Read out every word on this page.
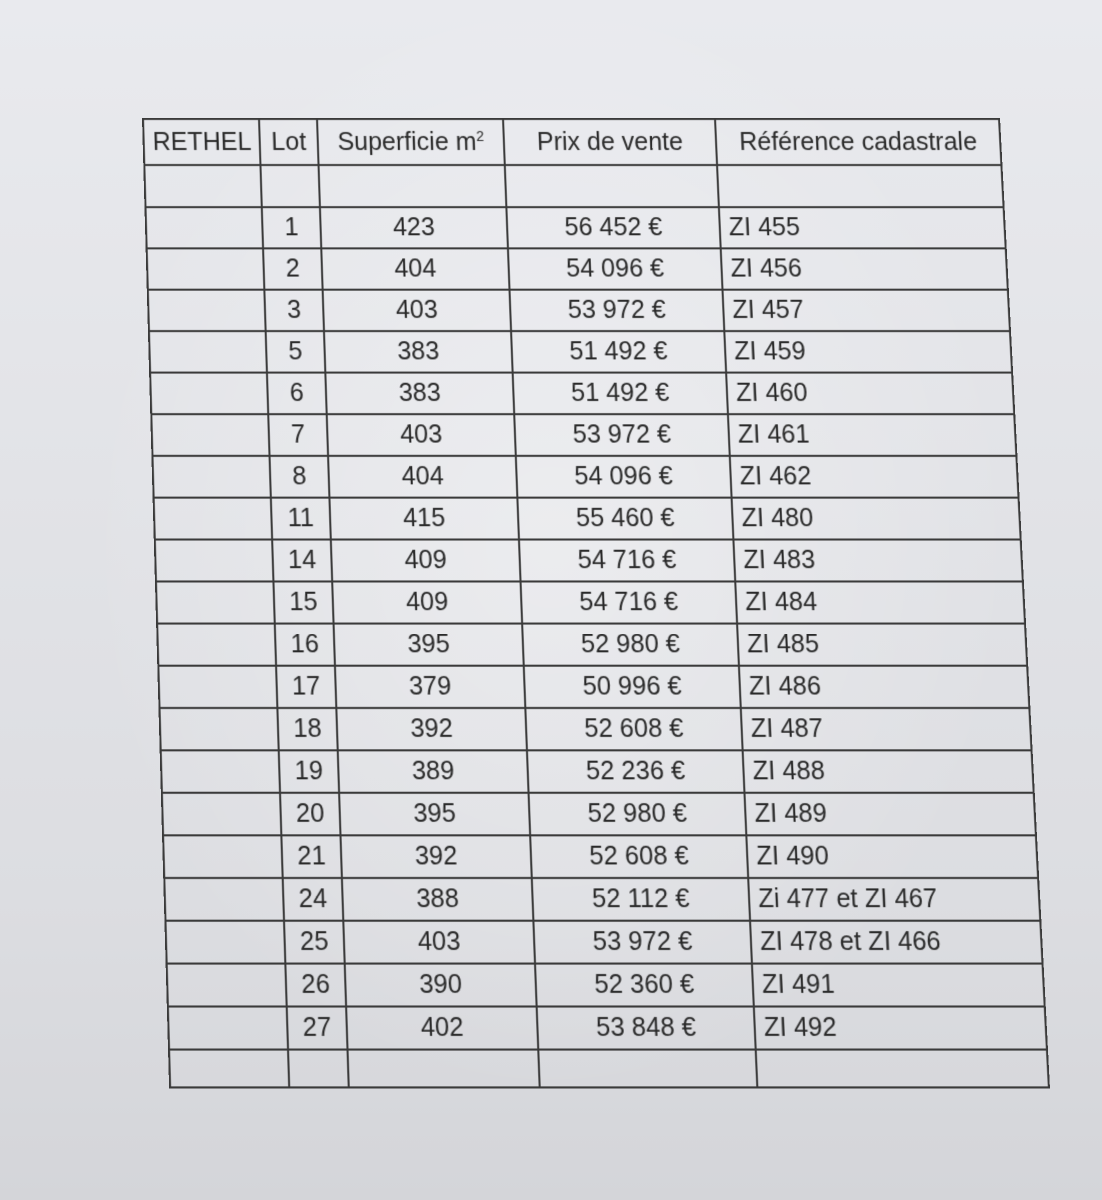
RETHEL	Lot	Superficie $m^2$	Prix de vente	Référence cadastrale

	1	423	56 452 €	ZI 455
	2	404	54 096 €	ZI 456
	3	403	53 972 €	ZI 457
	5	383	51 492 €	ZI 459
	6	383	51 492 €	ZI 460
	7	403	53 972 €	ZI 461
	8	404	54 096 €	ZI 462
	11	415	55 460 €	ZI 480
	14	409	54 716 €	ZI 483
	15	409	54 716 €	ZI 484
	16	395	52 980 €	ZI 485
	17	379	50 996 €	ZI 486
	18	392	52 608 €	ZI 487
	19	389	52 236 €	ZI 488
	20	395	52 980 €	ZI 489
	21	392	52 608 €	ZI 490
	24	388	52 112 €	Zi 477 et ZI 467
	25	403	53 972 €	ZI 478 et ZI 466
	26	390	52 360 €	ZI 491
	27	402	53 848 €	ZI 492
